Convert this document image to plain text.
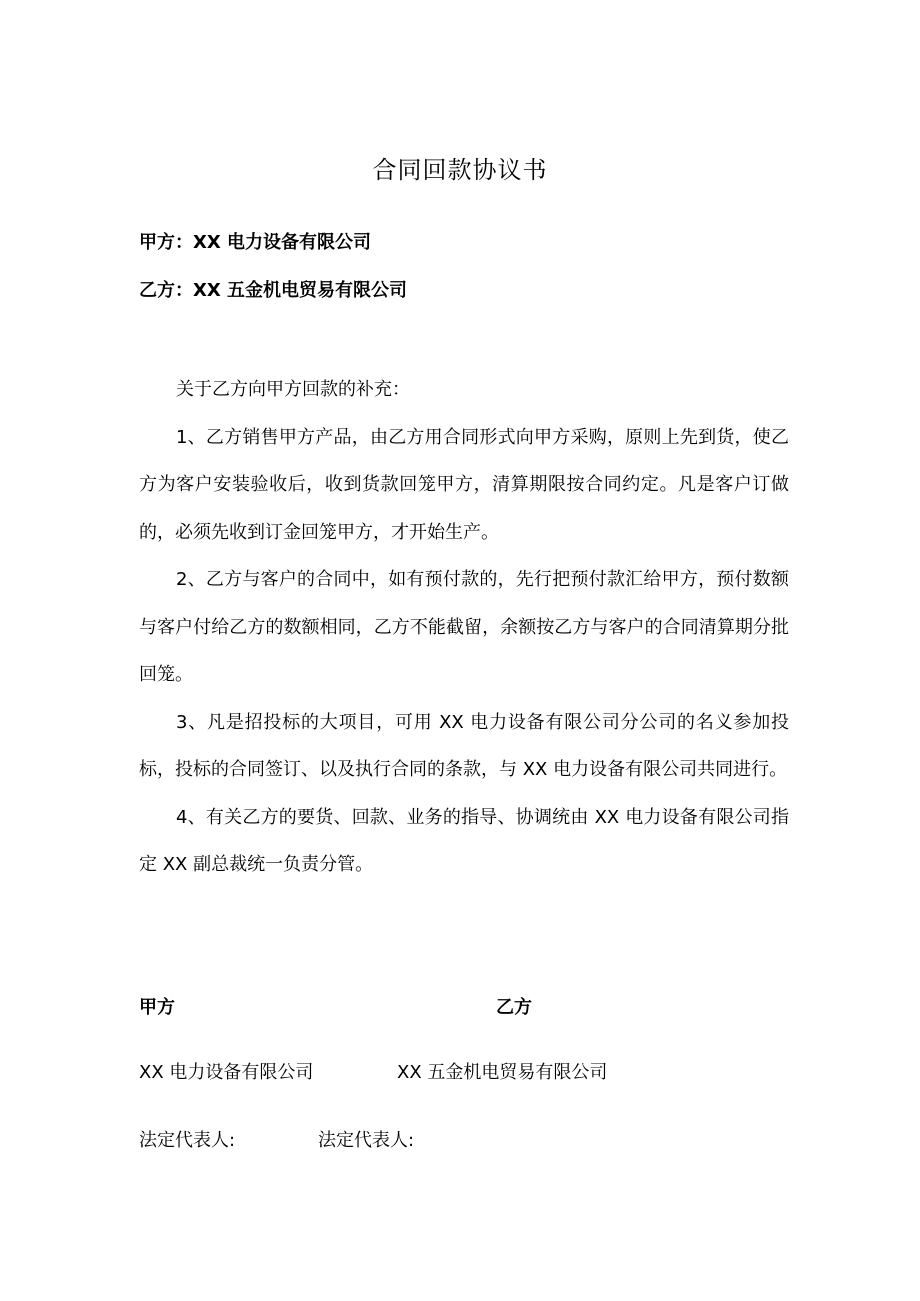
合同回款协议书
甲方：XX 电力设备有限公司
乙方：XX 五金机电贸易有限公司

关于乙方向甲方回款的补充：

1、乙方销售甲方产品，由乙方用合同形式向甲方采购，原则上先到货，使乙方为客户安装验收后，收到货款回笼甲方，清算期限按合同约定。凡是客户订做的，必须先收到订金回笼甲方，才开始生产。

2、乙方与客户的合同中，如有预付款的，先行把预付款汇给甲方，预付数额与客户付给乙方的数额相同，乙方不能截留，余额按乙方与客户的合同清算期分批回笼。

3、凡是招投标的大项目，可用 XX 电力设备有限公司分公司的名义参加投标，投标的合同签订、以及执行合同的条款，与 XX 电力设备有限公司共同进行。

4、有关乙方的要货、回款、业务的指导、协调统由 XX 电力设备有限公司指定 XX 副总裁统一负责分管。

甲方	乙方
XX 电力设备有限公司	XX 五金机电贸易有限公司
法定代表人:	法定代表人:
